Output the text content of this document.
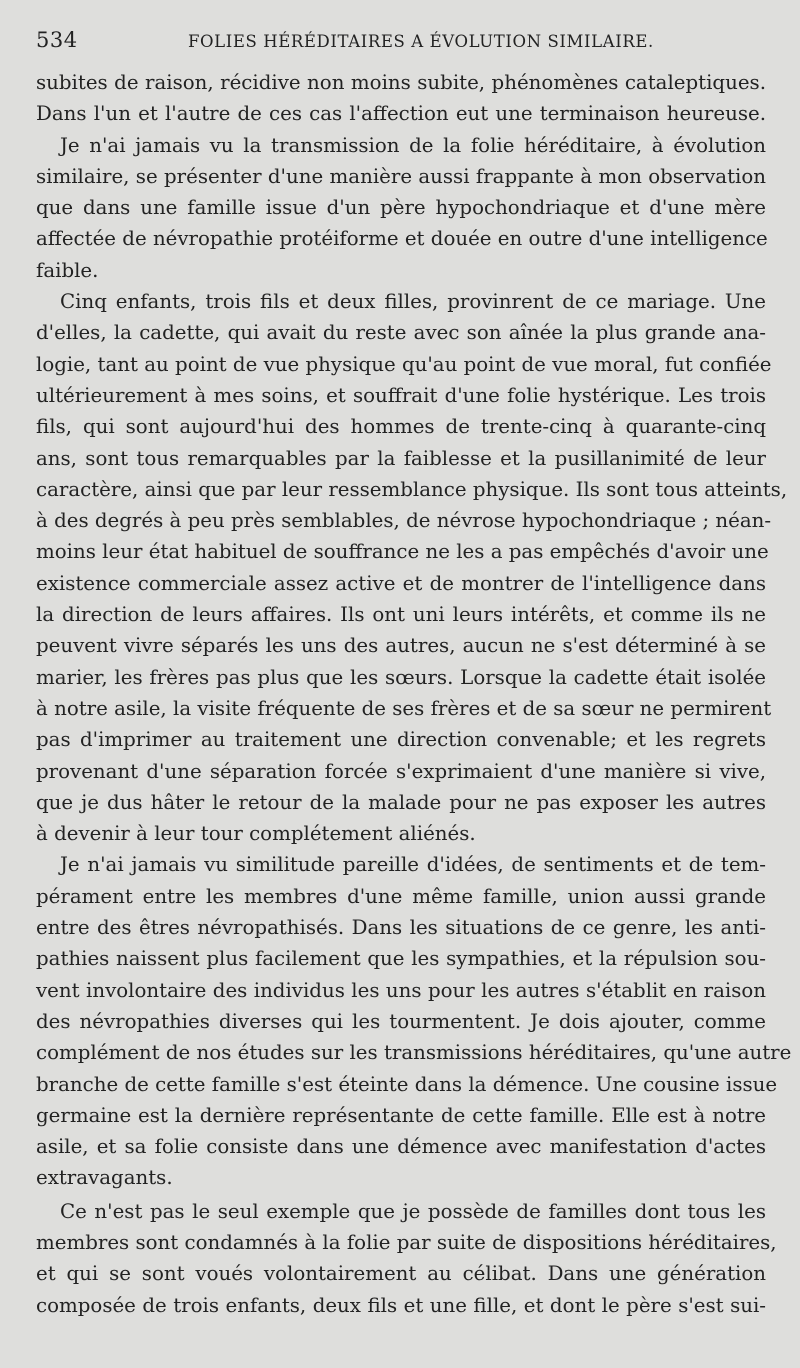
534	FOLIES HÉRÉDITAIRES A ÉVOLUTION SIMILAIRE.
subites de raison, récidive non moins subite, phénomènes cataleptiques.
Dans l'un et l'autre de ces cas l'affection eut une terminaison heureuse.
Je n'ai jamais vu la transmission de la folie héréditaire, à évolution
similaire, se présenter d'une manière aussi frappante à mon observation
que dans une famille issue d'un père hypochondriaque et d'une mère
affectée de névropathie protéiforme et douée en outre d'une intelligence
faible.
Cinq enfants, trois fils et deux filles, provinrent de ce mariage. Une
d'elles, la cadette, qui avait du reste avec son aînée la plus grande ana-
logie, tant au point de vue physique qu'au point de vue moral, fut confiée
ultérieurement à mes soins, et souffrait d'une folie hystérique. Les trois
fils, qui sont aujourd'hui des hommes de trente-cinq à quarante-cinq
ans, sont tous remarquables par la faiblesse et la pusillanimité de leur
caractère, ainsi que par leur ressemblance physique. Ils sont tous atteints,
à des degrés à peu près semblables, de névrose hypochondriaque ; néan-
moins leur état habituel de souffrance ne les a pas empêchés d'avoir une
existence commerciale assez active et de montrer de l'intelligence dans
la direction de leurs affaires. Ils ont uni leurs intérêts, et comme ils ne
peuvent vivre séparés les uns des autres, aucun ne s'est déterminé à se
marier, les frères pas plus que les sœurs. Lorsque la cadette était isolée
à notre asile, la visite fréquente de ses frères et de sa sœur ne permirent
pas d'imprimer au traitement une direction convenable; et les regrets
provenant d'une séparation forcée s'exprimaient d'une manière si vive,
que je dus hâter le retour de la malade pour ne pas exposer les autres
à devenir à leur tour complétement aliénés.
Je n'ai jamais vu similitude pareille d'idées, de sentiments et de tem-
pérament entre les membres d'une même famille, union aussi grande
entre des êtres névropathisés. Dans les situations de ce genre, les anti-
pathies naissent plus facilement que les sympathies, et la répulsion sou-
vent involontaire des individus les uns pour les autres s'établit en raison
des névropathies diverses qui les tourmentent. Je dois ajouter, comme
complément de nos études sur les transmissions héréditaires, qu'une autre
branche de cette famille s'est éteinte dans la démence. Une cousine issue
germaine est la dernière représentante de cette famille. Elle est à notre
asile, et sa folie consiste dans une démence avec manifestation d'actes
extravagants.
Ce n'est pas le seul exemple que je possède de familles dont tous les
membres sont condamnés à la folie par suite de dispositions héréditaires,
et qui se sont voués volontairement au célibat. Dans une génération
composée de trois enfants, deux fils et une fille, et dont le père s'est sui-
